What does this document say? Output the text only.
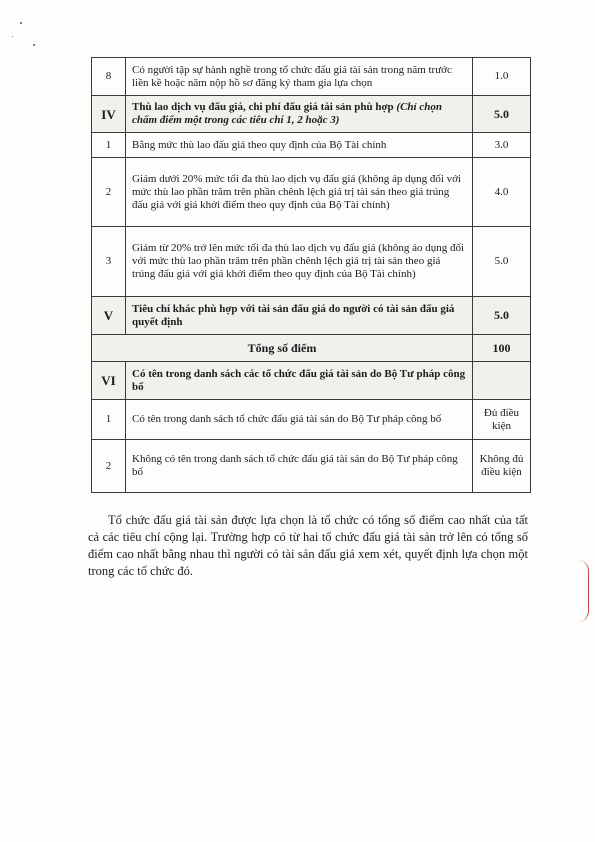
8	Có người tập sự hành nghề trong tổ chức đấu giá tài sản trong năm trước liền kề hoặc năm nộp hồ sơ đăng ký tham gia lựa chọn	1.0
IV	Thù lao dịch vụ đấu giá, chi phí đấu giá tài sản phù hợp (Chỉ chọn chấm điểm một trong các tiêu chí 1, 2 hoặc 3)	5.0
1	Bằng mức thù lao đấu giá theo quy định của Bộ Tài chính	3.0
2	Giảm dưới 20% mức tối đa thù lao dịch vụ đấu giá (không áp dụng đối với mức thù lao phần trăm trên phần chênh lệch giá trị tài sản theo giá trúng đấu giá với giá khởi điểm theo quy định của Bộ Tài chính)	4.0
3	Giảm từ 20% trở lên mức tối đa thù lao dịch vụ đấu giá (không áo dụng đối với mức thù lao phần trăm trên phần chênh lệch giá trị tài sản theo giá trúng đấu giá với giá khởi điểm theo quy định của Bộ Tài chính)	5.0
V	Tiêu chí khác phù hợp với tài sản đấu giá do người có tài sản đấu giá quyết định	5.0
Tổng số điểm		100
VI	Có tên trong danh sách các tổ chức đấu giá tài sản do Bộ Tư pháp công bố	
1	Có tên trong danh sách tổ chức đấu giá tài sản do Bộ Tư pháp công bố	Đủ điều kiện
2	Không có tên trong danh sách tổ chức đấu giá tài sản do Bộ Tư pháp công bố	Không đủ điều kiện

Tổ chức đấu giá tài sản được lựa chọn là tổ chức có tổng số điểm cao nhất của tất cả các tiêu chí cộng lại. Trường hợp có từ hai tổ chức đấu giá tài sản trở lên có tổng số điểm cao nhất bằng nhau thì người có tài sản đấu giá xem xét, quyết định lựa chọn một trong các tổ chức đó.
